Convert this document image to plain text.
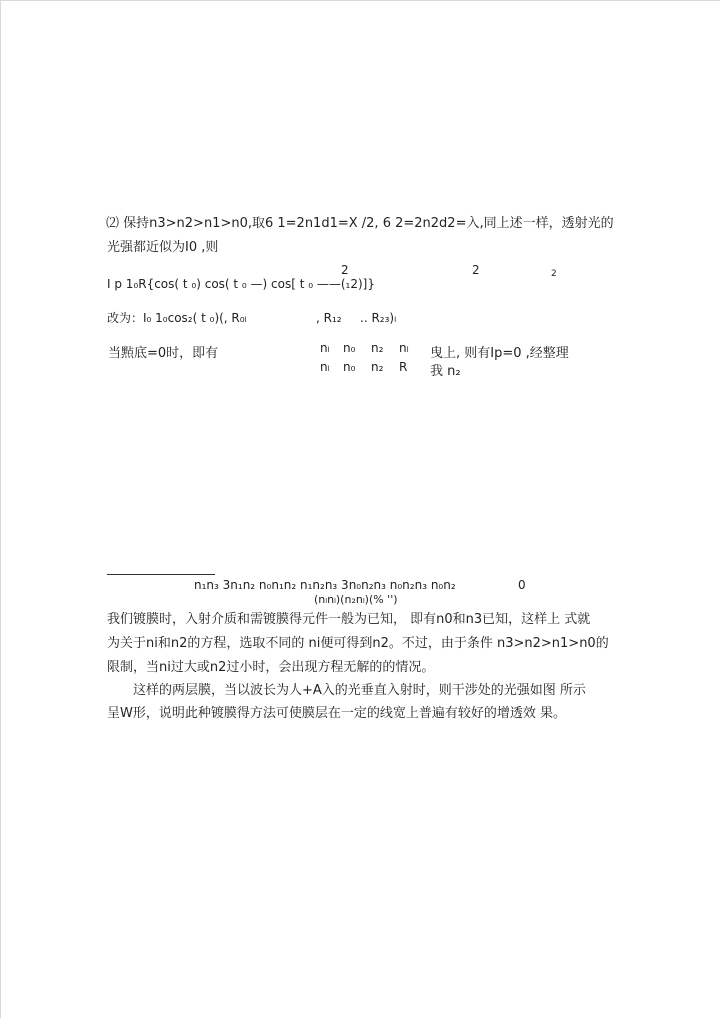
⑵ 保持n3>n2>n1>n0,取6 1=2n1d1=X /2, 6 2=2n2d2=入,同上述一样，透射光的
光强都近似为I0 ,则
2	2	2
I p 1₀R{cos( t ₀) cos( t ₀ —) cos[ t ₀ ——(₁2)]}
改为：I₀ 1₀cos₂( t ₀)(, R₀ₗ	, R₁₂ .. R₂₃)ₗ
当㸃底=0时，即有	nₗ n₀ n₂ nₗ
nₗ n₀ n₂ R
曳上, 则有Ip=0 ,经整理
我 n₂
n₁n₃ 3n₁n₂ n₀n₁n₂ n₁n₂n₃ 3n₀n₂n₃ n₀n₂n₃ n₀n₂	0
(nₗnₗ)(n₂nₗ)(% '')
我们镀膜时，入射介质和需镀膜得元件一般为已知， 即有n0和n3已知，这样上 式就
为关于ni和n2的方程，选取不同的 ni便可得到n2。不过，由于条件 n3>n2>n1>n0的
限制，当ni过大或n2过小时，会出现方程无解的的情况。
这样的两层膜，当以波长为人+A入的光垂直入射时，则干涉处的光强如图 所示
呈W形，说明此种镀膜得方法可使膜层在一定的线宽上普遍有较好的增透效 果。
